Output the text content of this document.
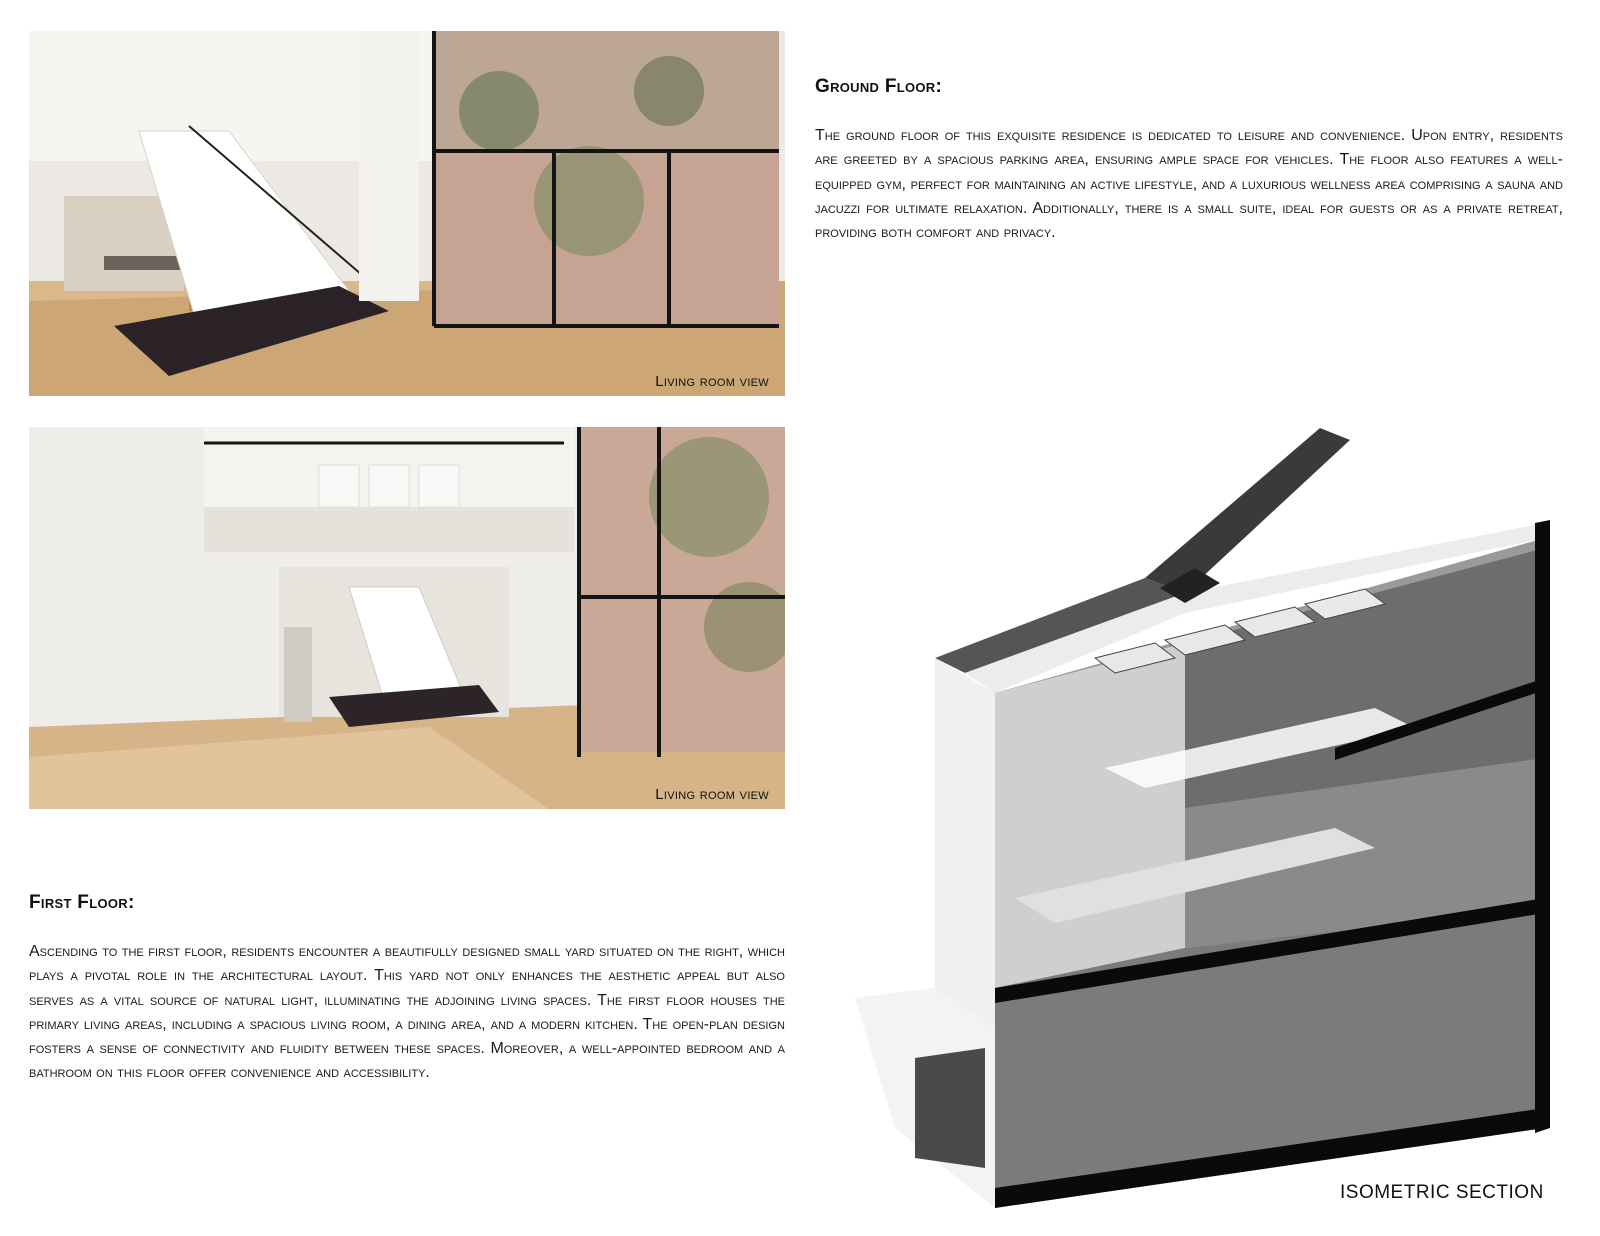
Living room view
Living room view
Ground Floor:

The ground floor of this exquisite residence is dedicated to leisure and convenience. Upon entry, residents are greeted by a spacious parking area, ensuring ample space for vehicles. The floor also features a well-equipped gym, perfect for maintaining an active lifestyle, and a luxurious wellness area comprising a sauna and jacuzzi for ultimate relaxation. Additionally, there is a small suite, ideal for guests or as a private retreat, providing both comfort and privacy.

First Floor:

Ascending to the first floor, residents encounter a beautifully designed small yard situated on the right, which plays a pivotal role in the architectural layout. This yard not only enhances the aesthetic appeal but also serves as a vital source of natural light, illuminating the adjoining living spaces. The first floor houses the primary living areas, including a spacious living room, a dining area, and a modern kitchen. The open-plan design fosters a sense of connectivity and fluidity between these spaces. Moreover, a well-appointed bedroom and a bathroom on this floor offer convenience and accessibility.

ISOMETRIC SECTION
